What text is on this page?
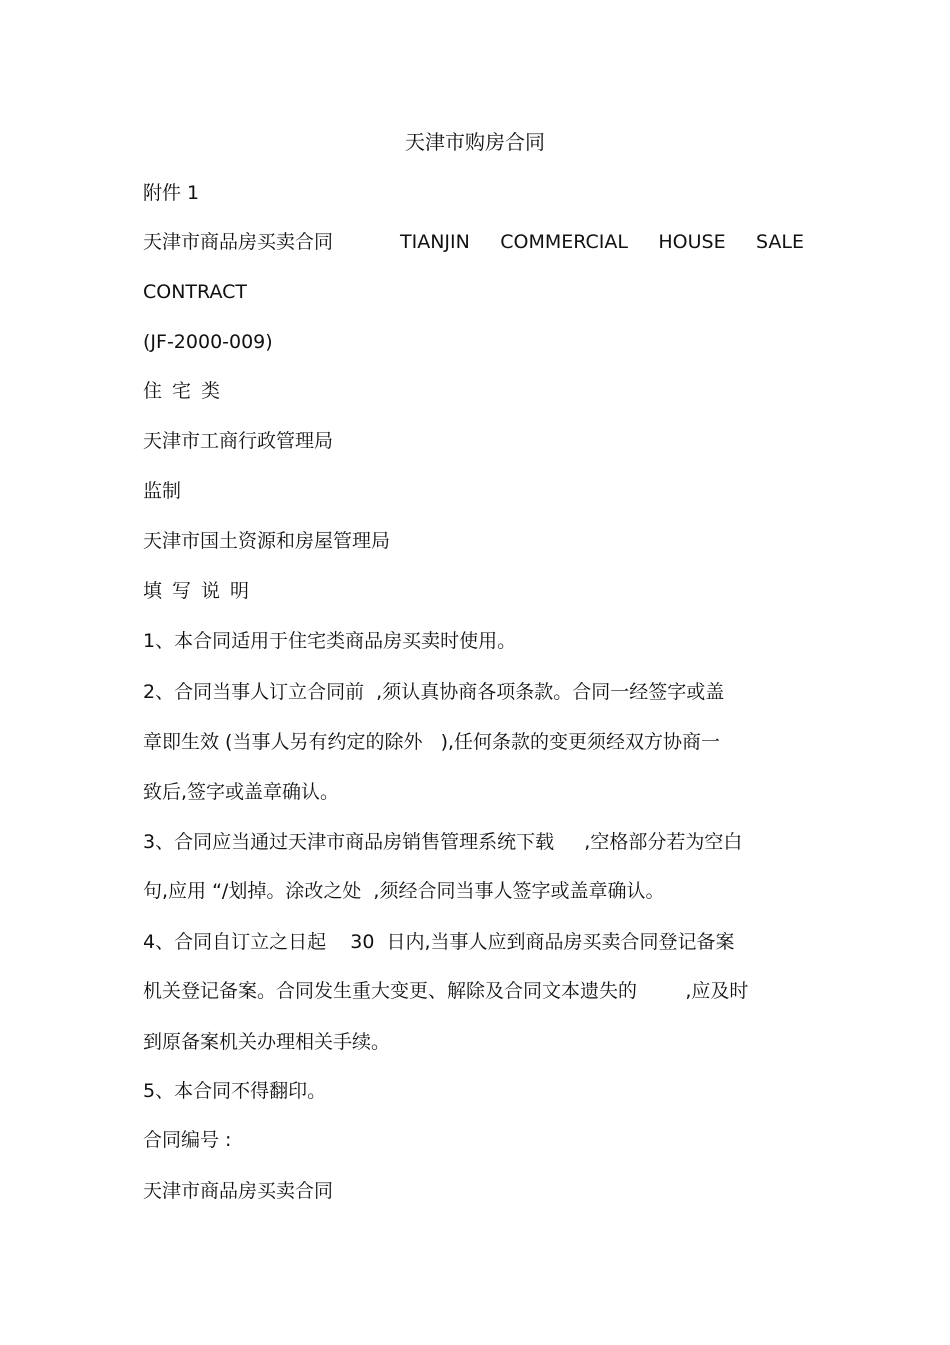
天津市购房合同
附件 1
天津市商品房买卖合同	TIANJIN COMMERCIAL HOUSE SALE
CONTRACT
(JF-2000-009)
住宅类
天津市工商行政管理局
监制
天津市国土资源和房屋管理局
填写说明
1、本合同适用于住宅类商品房买卖时使用。
2、合同当事人订立合同前  ,须认真协商各项条款。合同一经签字或盖
章即生效 (当事人另有约定的除外   ),任何条款的变更须经双方协商一
致后,签字或盖章确认。
3、合同应当通过天津市商品房销售管理系统下载     ,空格部分若为空白
句,应用 “/划掉。涂改之处  ,须经合同当事人签字或盖章确认。
4、合同自订立之日起    30  日内,当事人应到商品房买卖合同登记备案
机关登记备案。合同发生重大变更、解除及合同文本遗失的        ,应及时
到原备案机关办理相关手续。
5、本合同不得翻印。
合同编号 :
天津市商品房买卖合同
